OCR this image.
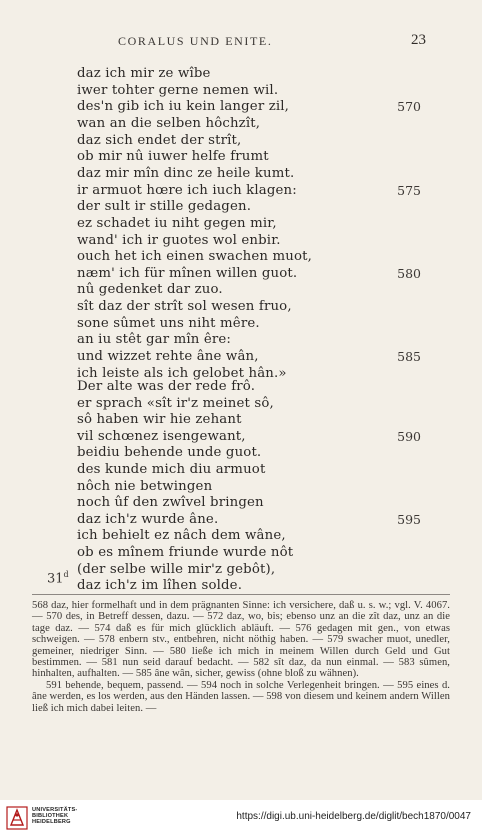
CORALUS UND ENITE.	23
daz ich mir ze wîbe
iwer tohter gerne nemen wil.
des'n gib ich iu kein langer zil,	570
wan an die selben hôchzît,
daz sich endet der strît,
ob mir nû iuwer helfe frumt
daz mir mîn dinc ze heile kumt.
ir armuot hœre ich iuch klagen:	575
der sult ir stille gedagen.
ez schadet iu niht gegen mir,
wand' ich ir guotes wol enbir.
ouch het ich einen swachen muot,
næm' ich für mînen willen guot.	580
nû gedenket dar zuo.
sît daz der strît sol wesen fruo,
sone sûmet uns niht mêre.
an iu stêt gar mîn êre:
und wizzet rehte âne wân,	585
ich leiste als ich gelobet hân.»
Der alte was der rede frô.
er sprach «sît ir'z meinet sô,
sô haben wir hie zehant
vil schœnez isengewant,	590
beidiu behende unde guot.
des kunde mich diu armuot
nôch nie betwingen
noch ûf den zwîvel bringen
daz ich'z wurde âne.	595
ich behielt ez nâch dem wâne,
ob es mînem friunde wurde nôt
(der selbe wille mir'z gebôt),
daz ich'z im lîhen solde.
31$^d$

568 daz, hier formelhaft und in dem prägnanten Sinne: ich versichere, daß u. s. w.; vgl. V. 4067. — 570 des, in Betreff dessen, dazu. — 572 daz, wo, bis; ebenso unz an die zît daz, unz an die tage daz. — 574 daß es für mich glücklich abläuft. — 576 gedagen mit gen., von etwas schweigen. — 578 enbern stv., entbehren, nicht nöthig haben. — 579 swacher muot, unedler, gemeiner, niedriger Sinn. — 580 ließe ich mich in meinem Willen durch Geld und Gut bestimmen. — 581 nun seid darauf bedacht. — 582 sît daz, da nun einmal. — 583 sûmen, hinhalten, aufhalten. — 585 âne wân, sicher, gewiss (ohne bloß zu wähnen).

591 behende, bequem, passend. — 594 noch in solche Verlegenheit bringen. — 595 eines d. âne werden, es los werden, aus den Händen lassen. — 598 von diesem und keinem andern Willen ließ ich mich dabei leiten. —

UNIVERSITÄTS-
BIBLIOTHEK
HEIDELBERG
https://digi.ub.uni-heidelberg.de/diglit/bech1870/0047
